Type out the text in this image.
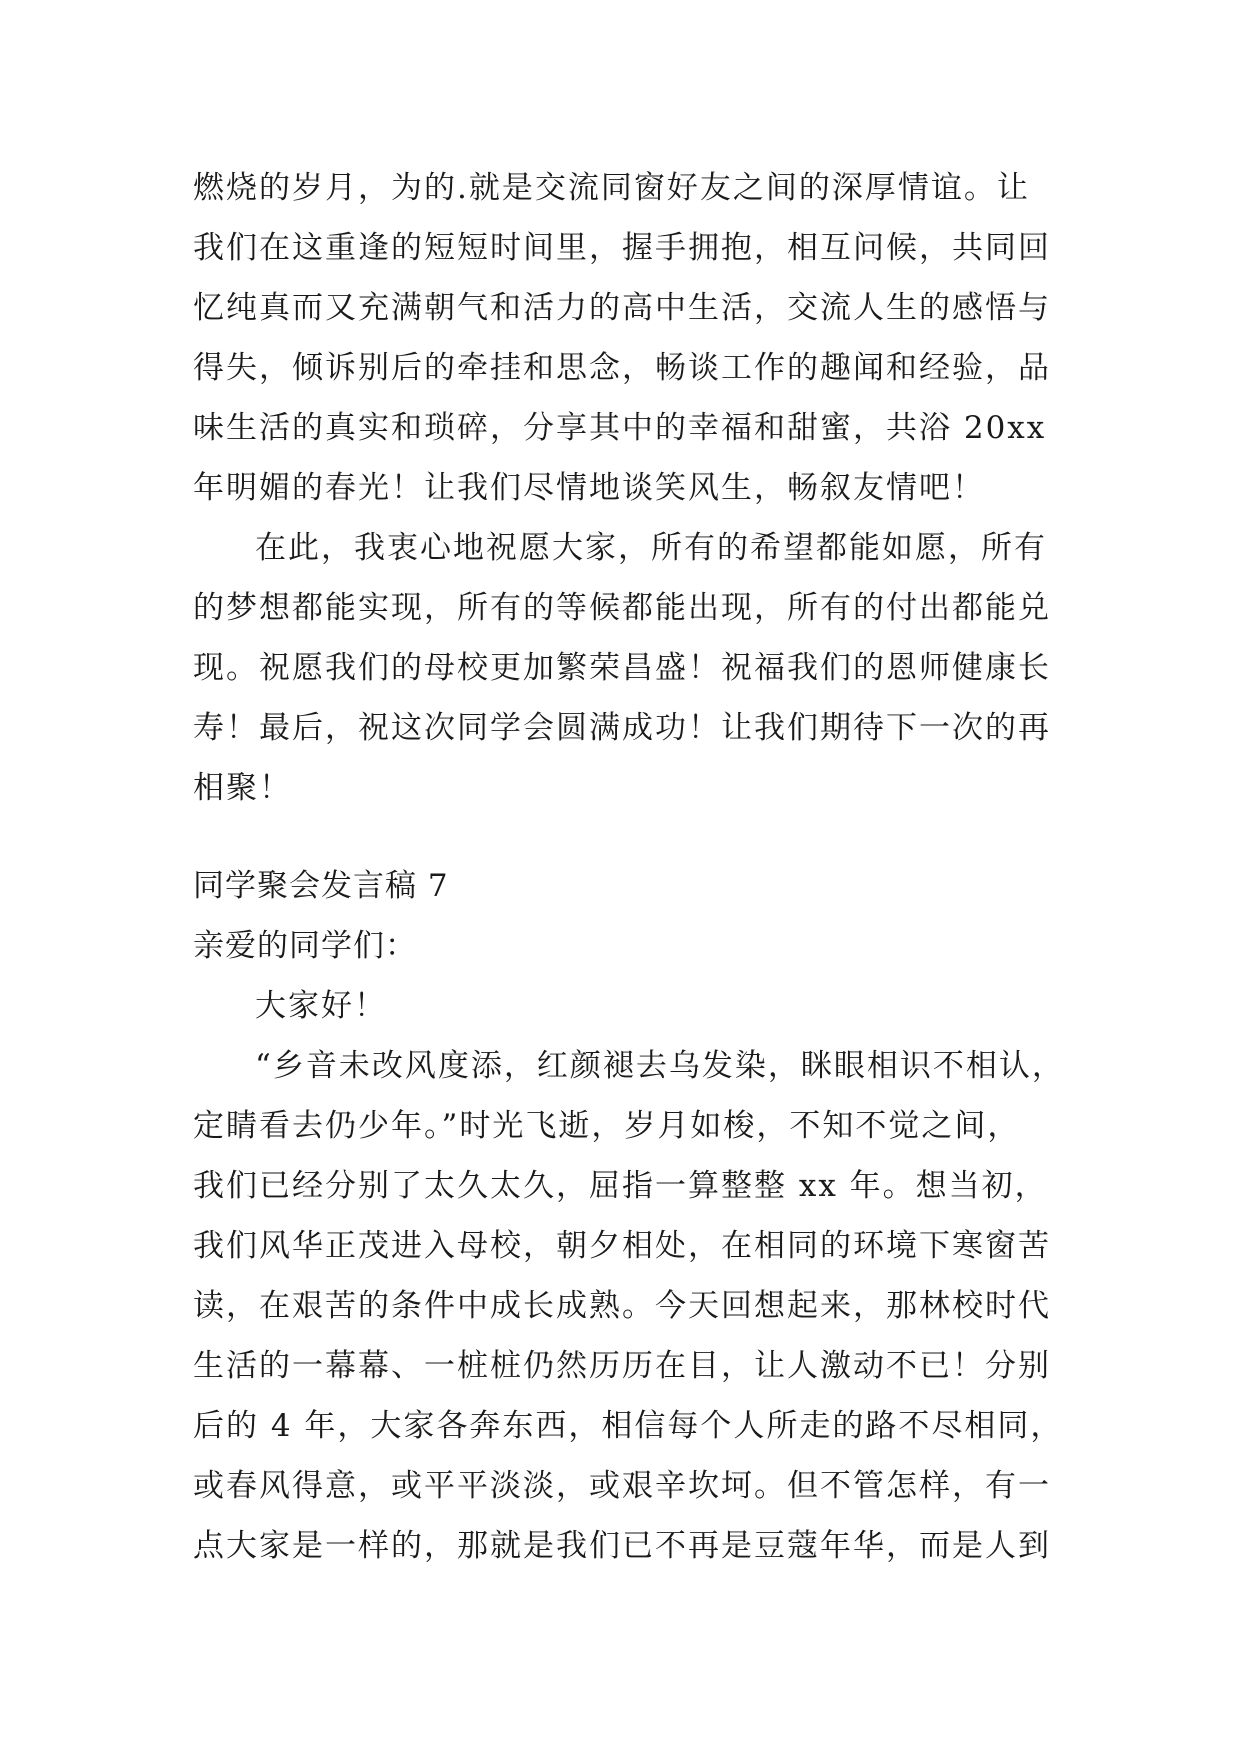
燃烧的岁月，为的.就是交流同窗好友之间的深厚情谊。让
我们在这重逢的短短时间里，握手拥抱，相互问候，共同回
忆纯真而又充满朝气和活力的高中生活，交流人生的感悟与
得失，倾诉别后的牵挂和思念，畅谈工作的趣闻和经验，品
味生活的真实和琐碎，分享其中的幸福和甜蜜，共浴 20xx
年明媚的春光！让我们尽情地谈笑风生，畅叙友情吧！
在此，我衷心地祝愿大家，所有的希望都能如愿，所有
的梦想都能实现，所有的等候都能出现，所有的付出都能兑
现。祝愿我们的母校更加繁荣昌盛！祝福我们的恩师健康长
寿！最后，祝这次同学会圆满成功！让我们期待下一次的再
相聚！
同学聚会发言稿 7
亲爱的同学们：
大家好！
“乡音未改风度添，红颜褪去乌发染，眯眼相识不相认，
定睛看去仍少年。”时光飞逝，岁月如梭，不知不觉之间，
我们已经分别了太久太久，屈指一算整整 xx 年。想当初，
我们风华正茂进入母校，朝夕相处，在相同的环境下寒窗苦
读，在艰苦的条件中成长成熟。今天回想起来，那林校时代
生活的一幕幕、一桩桩仍然历历在目，让人激动不已！分别
后的 4 年，大家各奔东西，相信每个人所走的路不尽相同，
或春风得意，或平平淡淡，或艰辛坎坷。但不管怎样，有一
点大家是一样的，那就是我们已不再是豆蔻年华，而是人到
